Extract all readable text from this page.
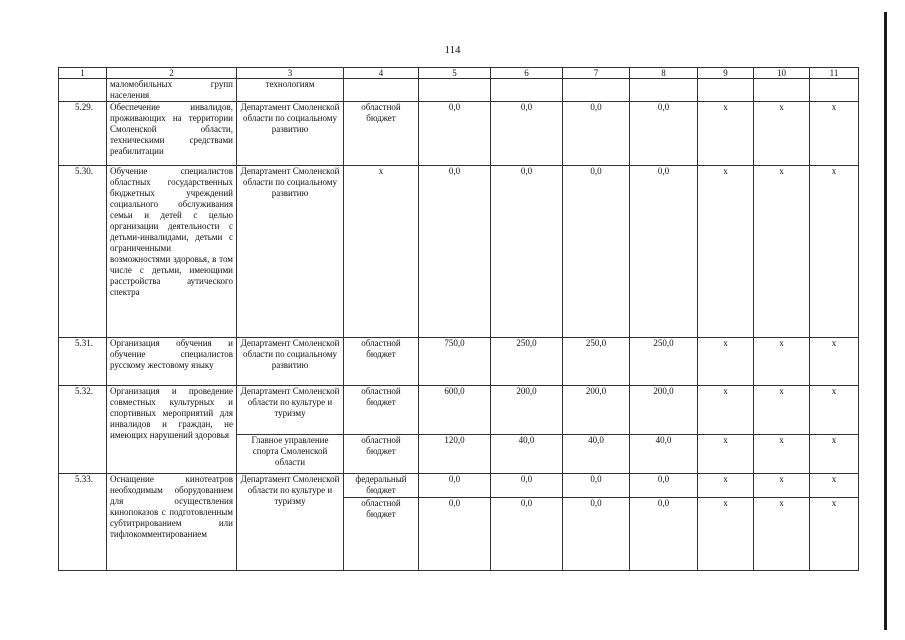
114
1	2	3	4	5	6	7	8	9	10	11
	маломобильных групп населения	технологиям								
5.29.	Обеспечение инвалидов, проживающих на территории Смоленской области, техническими средствами реабилитации	Департамент Смоленской области по социальному развитию	областной бюджет	0,0	0,0	0,0	0,0	x	x	x
5.30.	Обучение специалистов областных государственных бюджетных учреждений социального обслуживания семьи и детей с целью организации деятельности с детьми-инвалидами, детьми с ограниченными возможностями здоровья, в том числе с детьми, имеющими расстройства аутического спектра	Департамент Смоленской области по социальному развитию	x	0,0	0,0	0,0	0,0	x	x	x
5.31.	Организация обучения и обучение специалистов русскому жестовому языку	Департамент Смоленской области по социальному развитию	областной бюджет	750,0	250,0	250,0	250,0	x	x	x
5.32.	Организация и проведение совместных культурных и спортивных мероприятий для инвалидов и граждан, не имеющих нарушений здоровья	Департамент Смоленской области по культуре и туризму	областной бюджет	600,0	200,0	200,0	200,0	x	x	x
		Главное управление спорта Смоленской области	областной бюджет	120,0	40,0	40,0	40,0	x	x	x
5.33.	Оснащение кинотеатров необходимым оборудованием для осуществления кинопоказов с подготовленным субтитрированием или тифлокомментированием	Департамент Смоленской области по культуре и туризму	федеральный бюджет	0,0	0,0	0,0	0,0	x	x	x
			областной бюджет	0,0	0,0	0,0	0,0	x	x	x
